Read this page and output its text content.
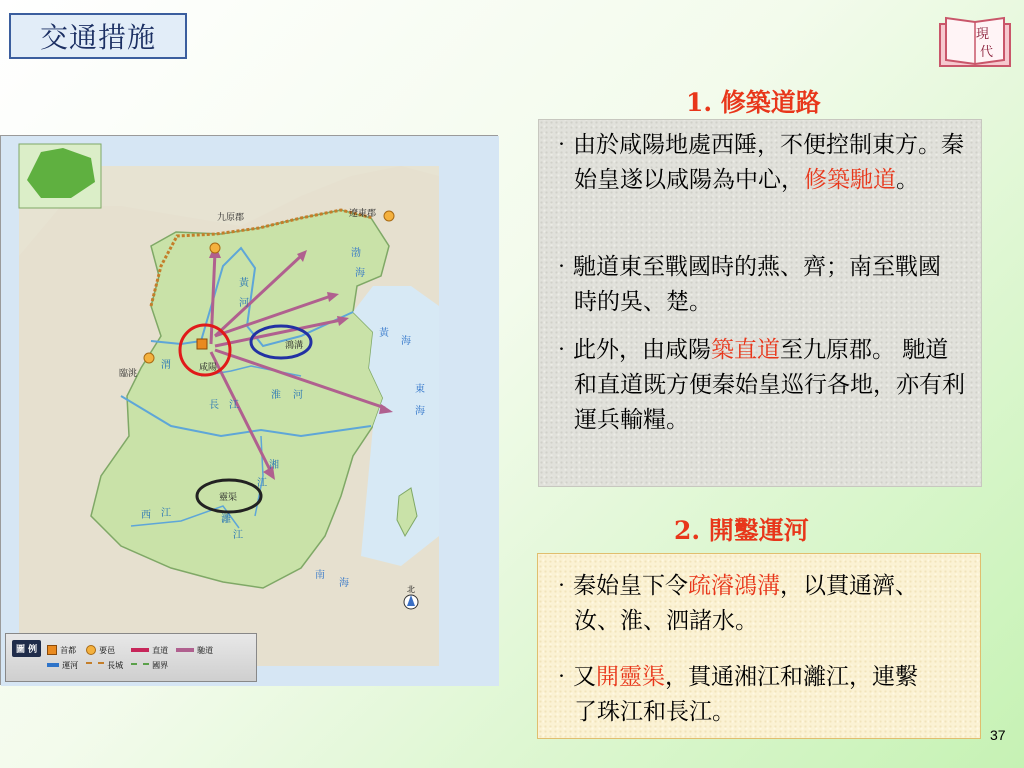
交通措施	現
代
1. 修築道路
‧由於咸陽地處西陲，不便控制東方。秦始皇遂以咸陽為中心，修築馳道。
‧馳道東至戰國時的燕、齊；南至戰國時的吳、楚。
‧此外，由咸陽築直道至九原郡。 馳道和直道既方便秦始皇巡行各地，亦有利運兵輸糧。
2. 開鑿運河
‧秦始皇下令疏濬鴻溝，以貫通濟、汝、淮、泗諸水。
‧又開靈渠，貫通湘江和灕江，連繫了珠江和長江。
九原郡	遼東郡
臨洮
咸陽
鴻溝
靈渠
黃
河
渭
長 江
淮 河
湘
江
灕
江
西 江
渤
海
黃
海
東
海
南
海
北
圖 例	首都	要邑	直道	馳道
運河	長城	國界
37
